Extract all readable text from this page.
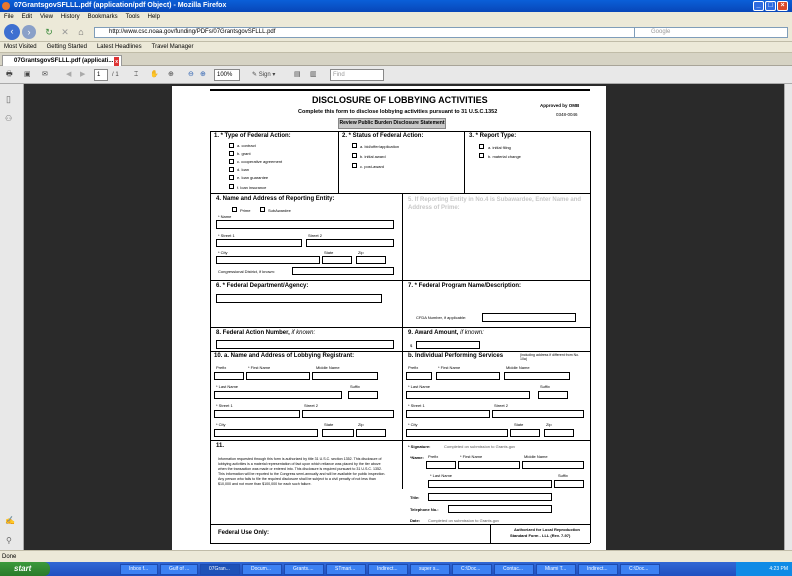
07GrantsgovSFLLL.pdf (application/pdf Object) - Mozilla Firefox	_	□	×
File Edit View History Bookmarks Tools Help
‹	›	↻ ✕	⌂	http://www.csc.noaa.gov/funding/PDFs/07GrantsgovSFLLL.pdf	Google
Most Visited Getting Started Latest Headlines Travel Manager
07GrantsgovSFLLL.pdf (applicati... x
🖶 ▣ ✉	◀ ▶	1	/ 1 ⌶ ✋ ⊕ ⊖ ⊕	100%	✎ Sign ▾	▤ ▥	Find
▯
⚇
✍
⚲
DISCLOSURE OF LOBBYING ACTIVITIES
Complete this form to disclose lobbying activities pursuant to 31 U.S.C.1352
Approved by OMB
0348-0046
Review Public Burden Disclosure Statement
1. * Type of Federal Action:
a. contract
b. grant
c. cooperative agreement
d. loan
e. loan guarantee
f. loan insurance
2. * Status of Federal Action:
a. bid/offer/application
b. initial award
c. post-award
3. * Report Type:
a. initial filing
b. material change
4. Name and Address of Reporting Entity:
Prime	SubAwardee
* Name
* Street 1	Street 2
* City	State	Zip
Congressional District, if known:
5. If Reporting Entity in No.4 is Subawardee, Enter Name and Address of Prime:
6. * Federal Department/Agency:	7. * Federal Program Name/Description:
CFDA Number, if applicable:
8. Federal Action Number, if known:	9. Award Amount, if known:
$
10. a. Name and Address of Lobbying Registrant:
Prefix	* First Name	Middle Name
* Last Name	Suffix
* Street 1	Street 2
* City	State	Zip
b. Individual Performing Services	(including address if different from No. 10a)
Prefix	* First Name	Middle Name
* Last Name	Suffix
* Street 1	Street 2
* City	State	Zip
11.
Information requested through this form is authorized by title 31 U.S.C. section 1352. This disclosure of lobbying activities is a material representation of fact upon which reliance was placed by the tier above when the transaction was made or entered into. This disclosure is required pursuant to 31 U.S.C. 1352. This information will be reported to the Congress semi-annually and will be available for public inspection. Any person who fails to file the required disclosure shall be subject to a civil penalty of not less than $10,000 and not more than $100,000 for each such failure.
* Signature:	Completed on submission to Grants.gov
*Name: Prefix	* First Name	Middle Name
* Last Name	Suffix
Title:
Telephone No.:
Date: Completed on submission to Grants.gov
Federal Use Only:
Authorized for Local Reproduction
Standard Form - LLL (Rev. 7-97)
Done
start	Inbox f...	Gulf of ...	07Gran...	Docum...	Grants....	STmari...	Indirect...	super s...	C:\Doc...	Contac...	Miami T...	Indirect...	C:\Doc...	4:23 PM
